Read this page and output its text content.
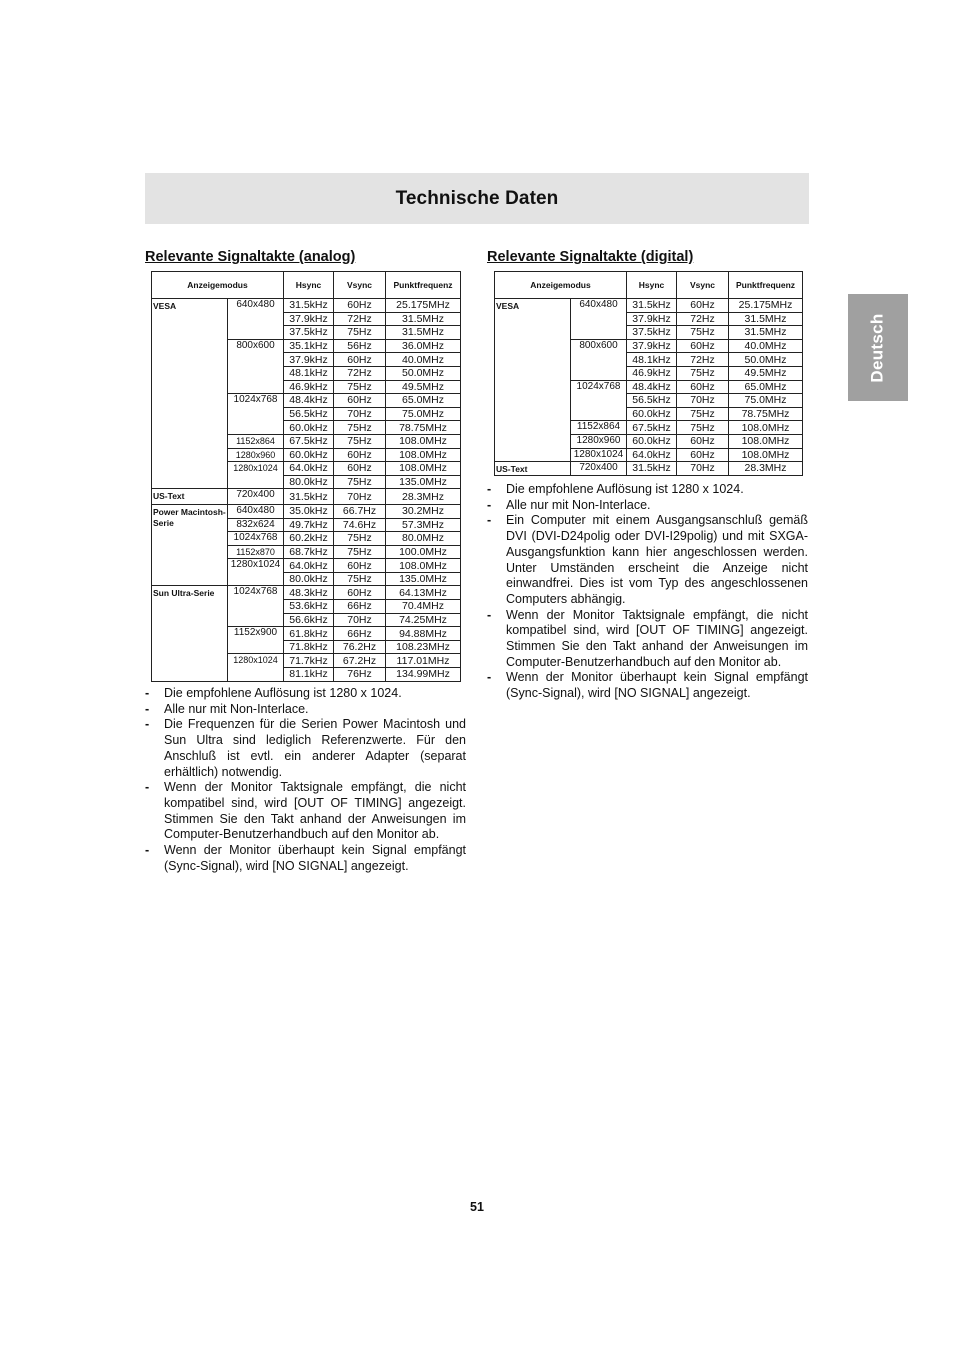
Technische Daten
Deutsch
Relevante Signaltakte (analog)
Anzeigemodus		Hsync	Vsync	Punktfrequenz
VESA	640x480	31.5kHz	60Hz	25.175MHz
		37.9kHz	72Hz	31.5MHz
		37.5kHz	75Hz	31.5MHz
	800x600	35.1kHz	56Hz	36.0MHz
		37.9kHz	60Hz	40.0MHz
		48.1kHz	72Hz	50.0MHz
		46.9kHz	75Hz	49.5MHz
	1024x768	48.4kHz	60Hz	65.0MHz
		56.5kHz	70Hz	75.0MHz
		60.0kHz	75Hz	78.75MHz
	1152x864	67.5kHz	75Hz	108.0MHz
	1280x960	60.0kHz	60Hz	108.0MHz
	1280x1024	64.0kHz	60Hz	108.0MHz
		80.0kHz	75Hz	135.0MHz
US-Text	720x400	31.5kHz	70Hz	28.3MHz
Power Macintosh-Serie	640x480	35.0kHz	66.7Hz	30.2MHz
	832x624	49.7kHz	74.6Hz	57.3MHz
	1024x768	60.2kHz	75Hz	80.0MHz
	1152x870	68.7kHz	75Hz	100.0MHz
	1280x1024	64.0kHz	60Hz	108.0MHz
		80.0kHz	75Hz	135.0MHz
Sun Ultra-Serie	1024x768	48.3kHz	60Hz	64.13MHz
		53.6kHz	66Hz	70.4MHz
		56.6kHz	70Hz	74.25MHz
	1152x900	61.8kHz	66Hz	94.88MHz
		71.8kHz	76.2Hz	108.23MHz
	1280x1024	71.7kHz	67.2Hz	117.01MHz
		81.1kHz	76Hz	134.99MHz
- Die empfohlene Auflösung ist 1280 x 1024.
- Alle nur mit Non-Interlace.
- Die Frequenzen für die Serien Power Macintosh und Sun Ultra sind lediglich Referenzwerte. Für den Anschluß ist evtl. ein anderer Adapter (separat erhältlich) notwendig.
- Wenn der Monitor Taktsignale empfängt, die nicht kompatibel sind, wird [OUT OF TIMING] angezeigt. Stimmen Sie den Takt anhand der Anweisungen im Computer-Benutzerhandbuch auf den Monitor ab.
- Wenn der Monitor überhaupt kein Signal empfängt (Sync-Signal), wird [NO SIGNAL] angezeigt.
Relevante Signaltakte (digital)
Anzeigemodus		Hsync	Vsync	Punktfrequenz
VESA	640x480	31.5kHz	60Hz	25.175MHz
		37.9kHz	72Hz	31.5MHz
		37.5kHz	75Hz	31.5MHz
	800x600	37.9kHz	60Hz	40.0MHz
		48.1kHz	72Hz	50.0MHz
		46.9kHz	75Hz	49.5MHz
	1024x768	48.4kHz	60Hz	65.0MHz
		56.5kHz	70Hz	75.0MHz
		60.0kHz	75Hz	78.75MHz
	1152x864	67.5kHz	75Hz	108.0MHz
	1280x960	60.0kHz	60Hz	108.0MHz
	1280x1024	64.0kHz	60Hz	108.0MHz
US-Text	720x400	31.5kHz	70Hz	28.3MHz
- Die empfohlene Auflösung ist 1280 x 1024.
- Alle nur mit Non-Interlace.
- Ein Computer mit einem Ausgangsanschluß gemäß DVI (DVI-D24polig oder DVI-I29polig) und mit SXGA-Ausgangsfunktion kann hier angeschlossen werden. Unter Umständen erscheint die Anzeige nicht einwandfrei. Dies ist vom Typ des angeschlossenen Computers abhängig.
- Wenn der Monitor Taktsignale empfängt, die nicht kompatibel sind, wird [OUT OF TIMING] angezeigt. Stimmen Sie den Takt anhand der Anweisungen im Computer-Benutzerhandbuch auf den Monitor ab.
- Wenn der Monitor überhaupt kein Signal empfängt (Sync-Signal), wird [NO SIGNAL] angezeigt.
51
